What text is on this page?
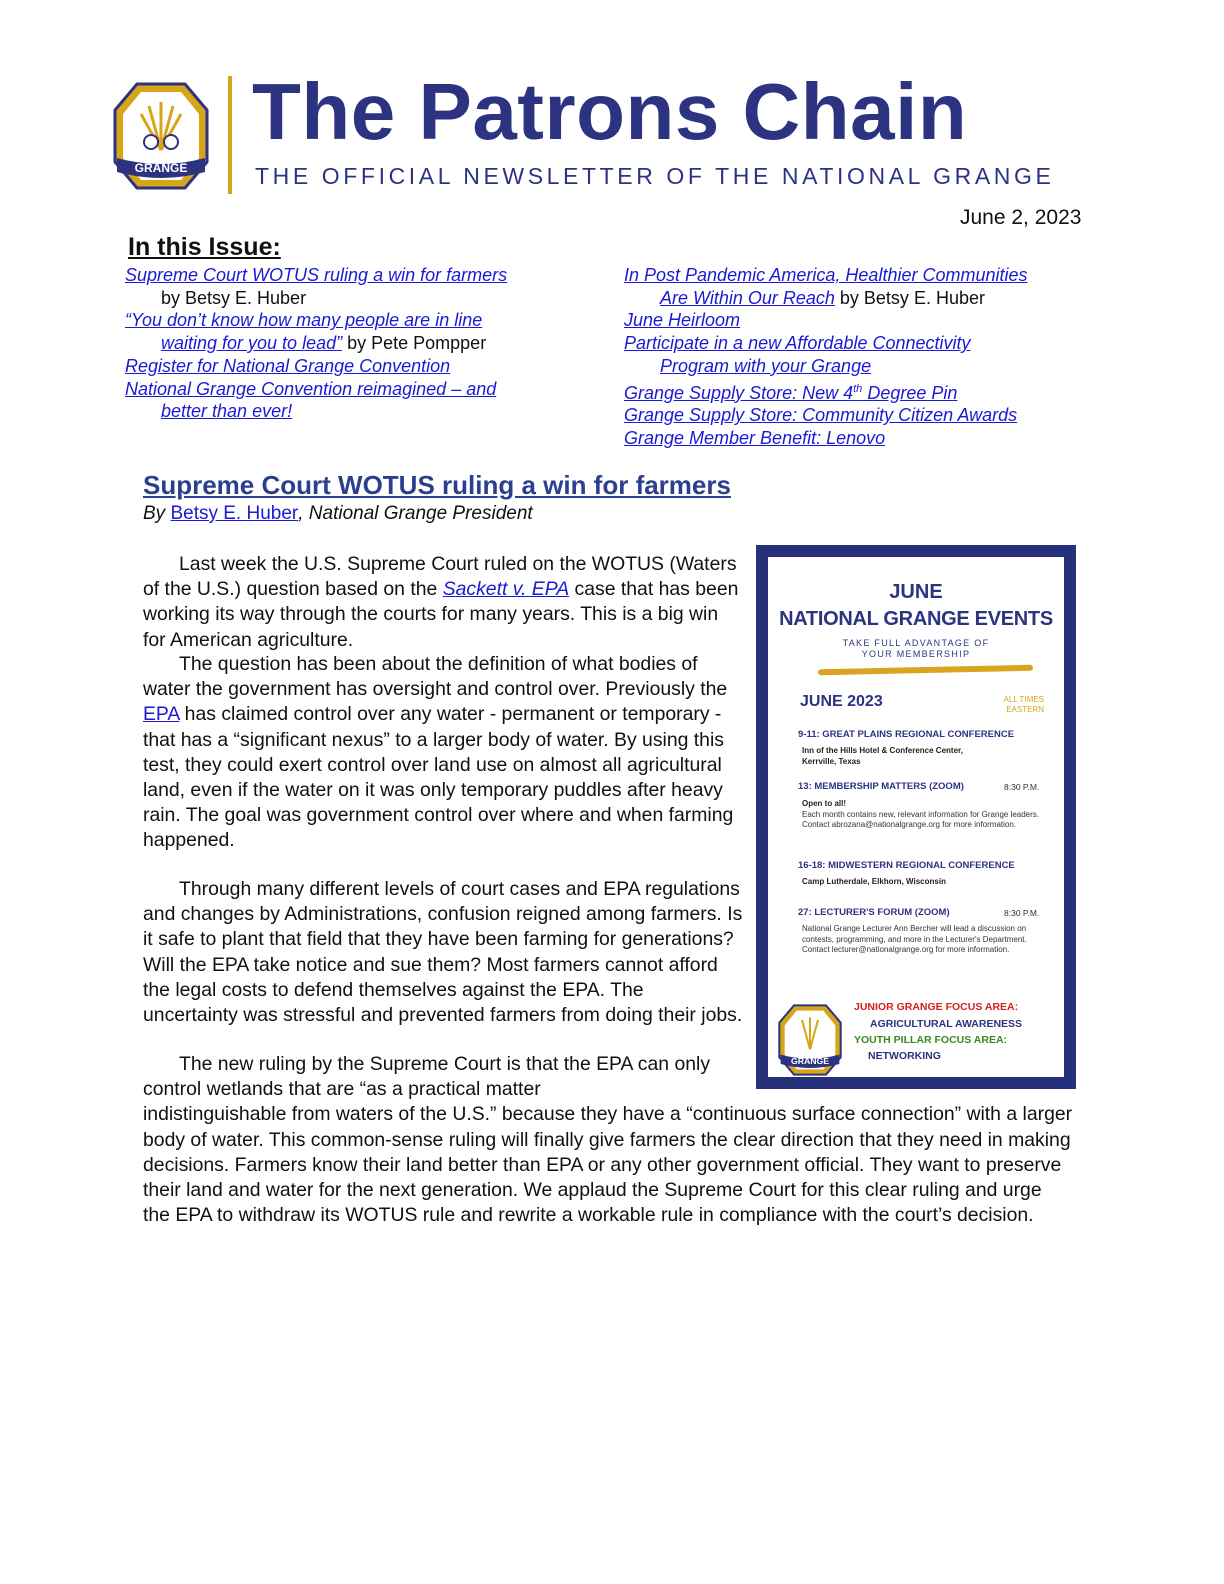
GRANGE
The Patrons Chain
THE OFFICIAL NEWSLETTER OF THE NATIONAL GRANGE
June 2, 2023
In this Issue:
Supreme Court WOTUS ruling a win for farmers

by Betsy E. Huber
“You don’t know how many people are in line

waiting for you to lead” by Pete Pompper
Register for National Grange Convention
National Grange Convention reimagined – and

better than ever!
In Post Pandemic America, Healthier Communities

Are Within Our Reach by Betsy E. Huber
June Heirloom
Participate in a new Affordable Connectivity

Program with your Grange
Grange Supply Store: New 4th Degree Pin
Grange Supply Store: Community Citizen Awards
Grange Member Benefit: Lenovo
Supreme Court WOTUS ruling a win for farmers
By Betsy E. Huber, National Grange President

Last week the U.S. Supreme Court ruled on the WOTUS (Waters of the U.S.) question based on the Sackett v. EPA case that has been working its way through the courts for many years. This is a big win for American agriculture.

The question has been about the definition of what bodies of water the government has oversight and control over. Previously the EPA has claimed control over any water - permanent or temporary - that has a “significant nexus” to a larger body of water. By using this test, they could exert control over land use on almost all agricultural land, even if the water on it was only temporary puddles after heavy rain. The goal was government control over where and when farming happened.

Through many different levels of court cases and EPA regulations and changes by Administrations, confusion reigned among farmers. Is it safe to plant that field that they have been farming for generations? Will the EPA take notice and sue them? Most farmers cannot afford the legal costs to defend themselves against the EPA. The uncertainty was stressful and prevented farmers from doing their jobs.

The new ruling by the Supreme Court is that the EPA can only control wetlands that are “as a practical matter
indistinguishable from waters of the U.S.” because they have a “continuous surface connection” with a larger body of water. This common-sense ruling will finally give farmers the clear direction that they need in making decisions. Farmers know their land better than EPA or any other government official. They want to preserve their land and water for the next generation. We applaud the Supreme Court for this clear ruling and urge the EPA to withdraw its WOTUS rule and rewrite a workable rule in compliance with the court’s decision.

JUNE
NATIONAL GRANGE EVENTS
TAKE FULL ADVANTAGE OF
YOUR MEMBERSHIP
JUNE 2023	ALL TIMES
EASTERN
9-11: GREAT PLAINS REGIONAL CONFERENCE
Inn of the Hills Hotel & Conference Center,
Kerrville, Texas
13: MEMBERSHIP MATTERS (ZOOM)	8:30 P.M.
Open to all!
Each month contains new, relevant information for Grange leaders. Contact abrozana@nationalgrange.org for more information.
16-18: MIDWESTERN REGIONAL CONFERENCE
Camp Lutherdale, Elkhorn, Wisconsin
27: LECTURER'S FORUM (ZOOM)	8:30 P.M.
National Grange Lecturer Ann Bercher will lead a discussion on contests, programming, and more in the Lecturer's Department. Contact lecturer@nationalgrange.org for more information.
GRANGE
JUNIOR GRANGE FOCUS AREA:
AGRICULTURAL AWARENESS
YOUTH PILLAR FOCUS AREA:
NETWORKING
